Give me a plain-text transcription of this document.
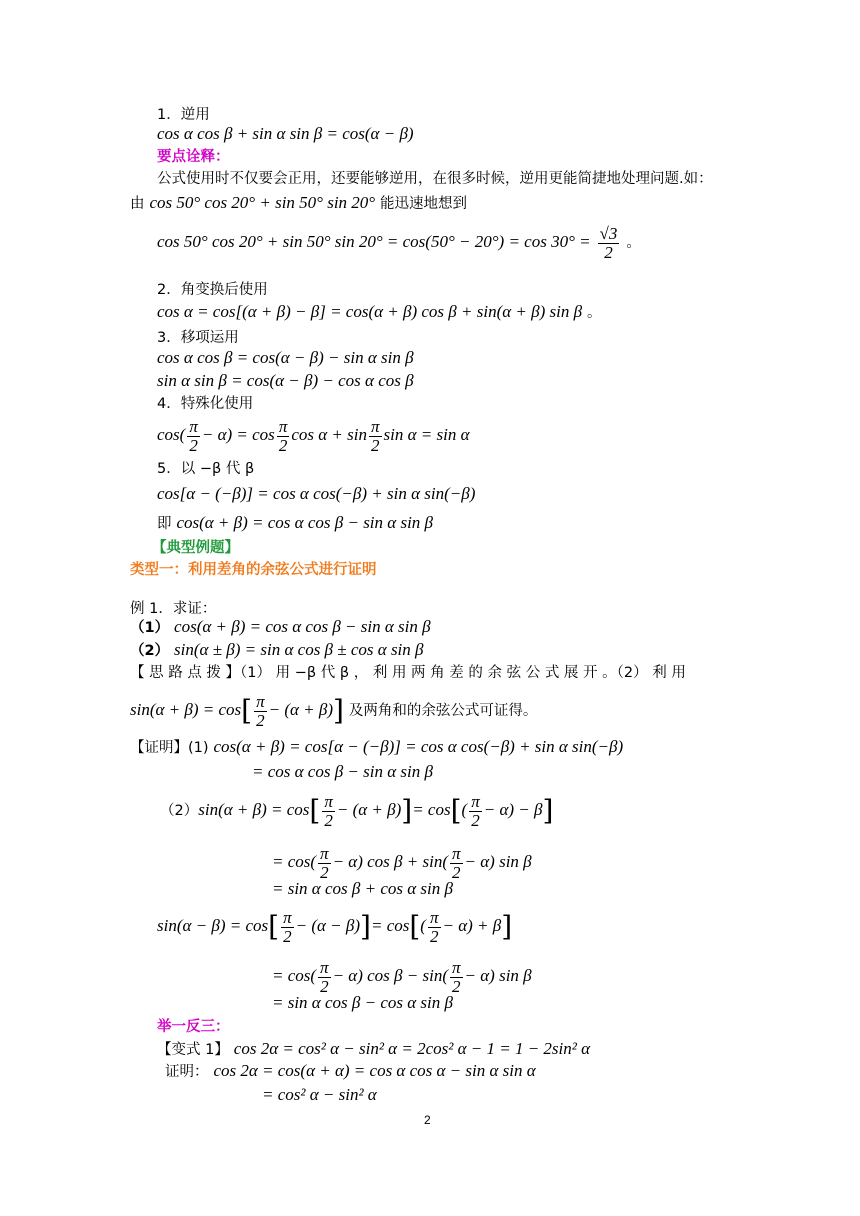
1．逆用
cos α cos β + sin α sin β = cos(α − β)
要点诠释：
公式使用时不仅要会正用，还要能够逆用，在很多时候，逆用更能简捷地处理问题.如：
由 cos 50° cos 20° + sin 50° sin 20° 能迅速地想到
cos 50° cos 20° + sin 50° $\sin 20^\circ = \cos(50^\circ - 20^\circ) = \cos 30^\circ = \frac{√3}{2}$ 。
2．角变换后使用
cos α = cos[(α + β) − β] = cos(α + β) cos β + sin(α + β) sin β 。
3．移项运用
cos α cos β = cos(α − β) − sin α sin β
sin α sin β = cos(α − β) − cos α cos β
4．特殊化使用
$\cos( \frac{\pi}{2} - \alpha) = \cos \frac{\pi}{2}$ $\cos \alpha + \sin \frac{\pi}{2}$ sin α = sin α
5．以 −β 代 β
cos[α − (−β)] = cos α cos(−β) + sin α sin(−β)
即 cos(α + β) = cos α cos β − sin α sin β
【典型例题】
类型一：利用差角的余弦公式进行证明
例 1．求证：
（1） cos(α + β) = cos α cos β − sin α sin β
（2） sin(α ± β) = sin α cos β ± cos α sin β
【 思 路 点 拨 】（1） 用 −β 代 β ， 利 用 两 角 差 的 余 弦 公 式 展 开 。（2） 利 用
$\sin(\alpha + \beta) = \cos[ \frac{\pi}{2} - (\alpha + \beta)]$ 及两角和的余弦公式可证得。
【证明】(1) cos(α + β) = cos[α − (−β)] = cos α cos(−β) + sin α sin(−β)
= cos α cos β − sin α sin β
$(2)\sin(\alpha + \beta) = \cos[ \frac{\pi}{2} - (\alpha + \beta)]= \cos[( \frac{\pi}{2} - \alpha) - \beta]$
= $\cos( \frac{\pi}{2} - \alpha)$ $\cos \beta + \sin( \frac{\pi}{2} - \alpha)$ sin β
= sin α cos β + cos α sin β
$\sin(\alpha - \beta) = \cos[ \frac{\pi}{2} - (\alpha - \beta)]= \cos[( \frac{\pi}{2} - \alpha) + \beta]$
= $\cos( \frac{\pi}{2} - \alpha)$ $\cos \beta - \sin( \frac{\pi}{2} - \alpha)$ sin β
= sin α cos β − cos α sin β
举一反三：
【变式 1】 cos 2α = cos² α − sin² α = 2cos² α − 1 = 1 − 2sin² α
证明： cos 2α = cos(α + α) = cos α cos α − sin α sin α
= cos² α − sin² α
2
